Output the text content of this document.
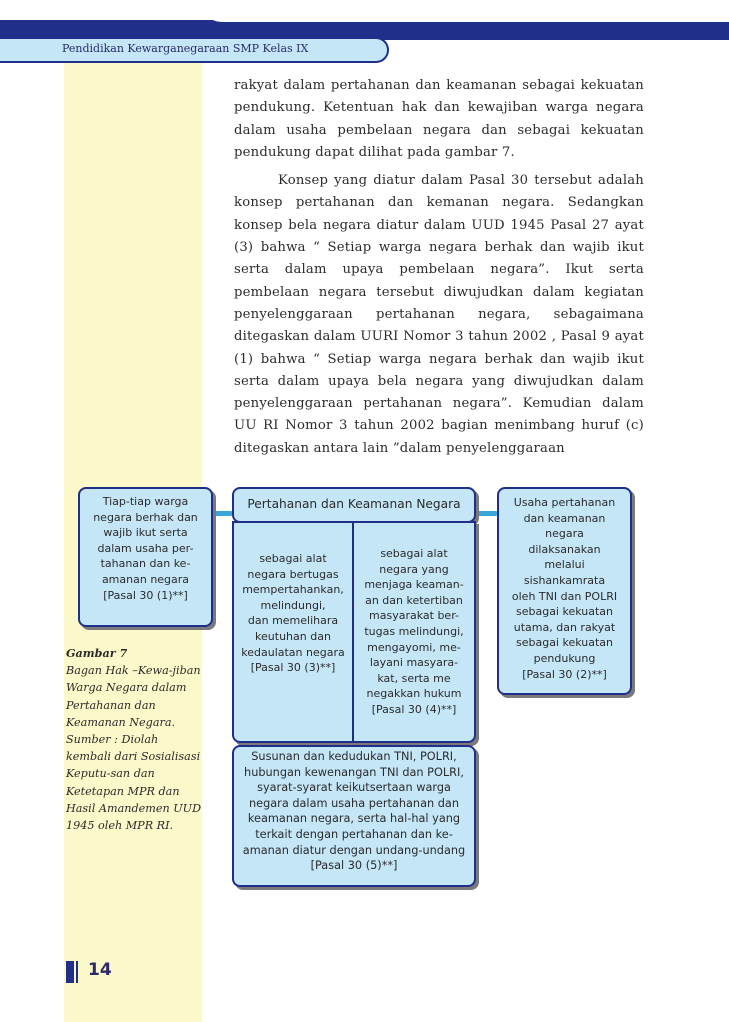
Pendidikan Kewarganegaraan SMP Kelas IX

rakyat dalam pertahanan dan keamanan sebagai kekuatan pendukung. Ketentuan hak dan kewajiban warga negara dalam usaha pembelaan negara dan sebagai kekuatan pendukung dapat dilihat pada gambar 7.

Konsep yang diatur dalam Pasal 30 tersebut adalah konsep pertahanan dan kemanan negara. Sedangkan konsep bela negara diatur dalam UUD 1945 Pasal 27 ayat (3) bahwa “ Setiap warga negara berhak dan wajib ikut serta dalam upaya pembelaan negara”. Ikut serta pembelaan negara tersebut diwujudkan dalam kegiatan penyelenggaraan pertahanan negara, sebagaimana ditegaskan dalam UURI Nomor 3 tahun 2002 , Pasal 9 ayat (1) bahwa “ Setiap warga negara berhak dan wajib ikut serta dalam upaya bela negara yang diwujudkan dalam penyelenggaraan pertahanan negara”. Kemudian dalam UU RI Nomor 3 tahun 2002 bagian menimbang huruf (c) ditegaskan antara lain ”dalam penyelenggaraan

Tiap-tiap warga
negara berhak dan
wajib ikut serta
dalam usaha per-
tahanan dan ke-
amanan negara
[Pasal 30 (1)**]
Pertahanan dan Keamanan Negara
sebagai alat
negara bertugas
mempertahankan,
melindungi,
dan memelihara
keutuhan dan
kedaulatan negara
[Pasal 30 (3)**]
sebagai alat
negara yang
menjaga keaman-
an dan ketertiban
masyarakat ber-
tugas melindungi,
mengayomi, me-
layani masyara-
kat, serta me
negakkan hukum
[Pasal 30 (4)**]
Usaha pertahanan
dan keamanan
negara
dilaksanakan
melalui
sishankamrata
oleh TNI dan POLRI
sebagai kekuatan
utama, dan rakyat
sebagai kekuatan
pendukung
[Pasal 30 (2)**]
Susunan dan kedudukan TNI, POLRI,
hubungan kewenangan TNI dan POLRI,
syarat-syarat keikutsertaan warga
negara dalam usaha pertahanan dan
keamanan negara, serta hal-hal yang
terkait dengan pertahanan dan ke-
amanan diatur dengan undang-undang
[Pasal 30 (5)**]
Gambar 7
Bagan Hak –Kewa-jiban Warga Negara dalam Pertahanan dan Keamanan Negara. Sumber : Diolah kembali dari Sosialisasi Keputu-san dan Ketetapan MPR dan Hasil Amandemen UUD 1945 oleh MPR RI.
14
